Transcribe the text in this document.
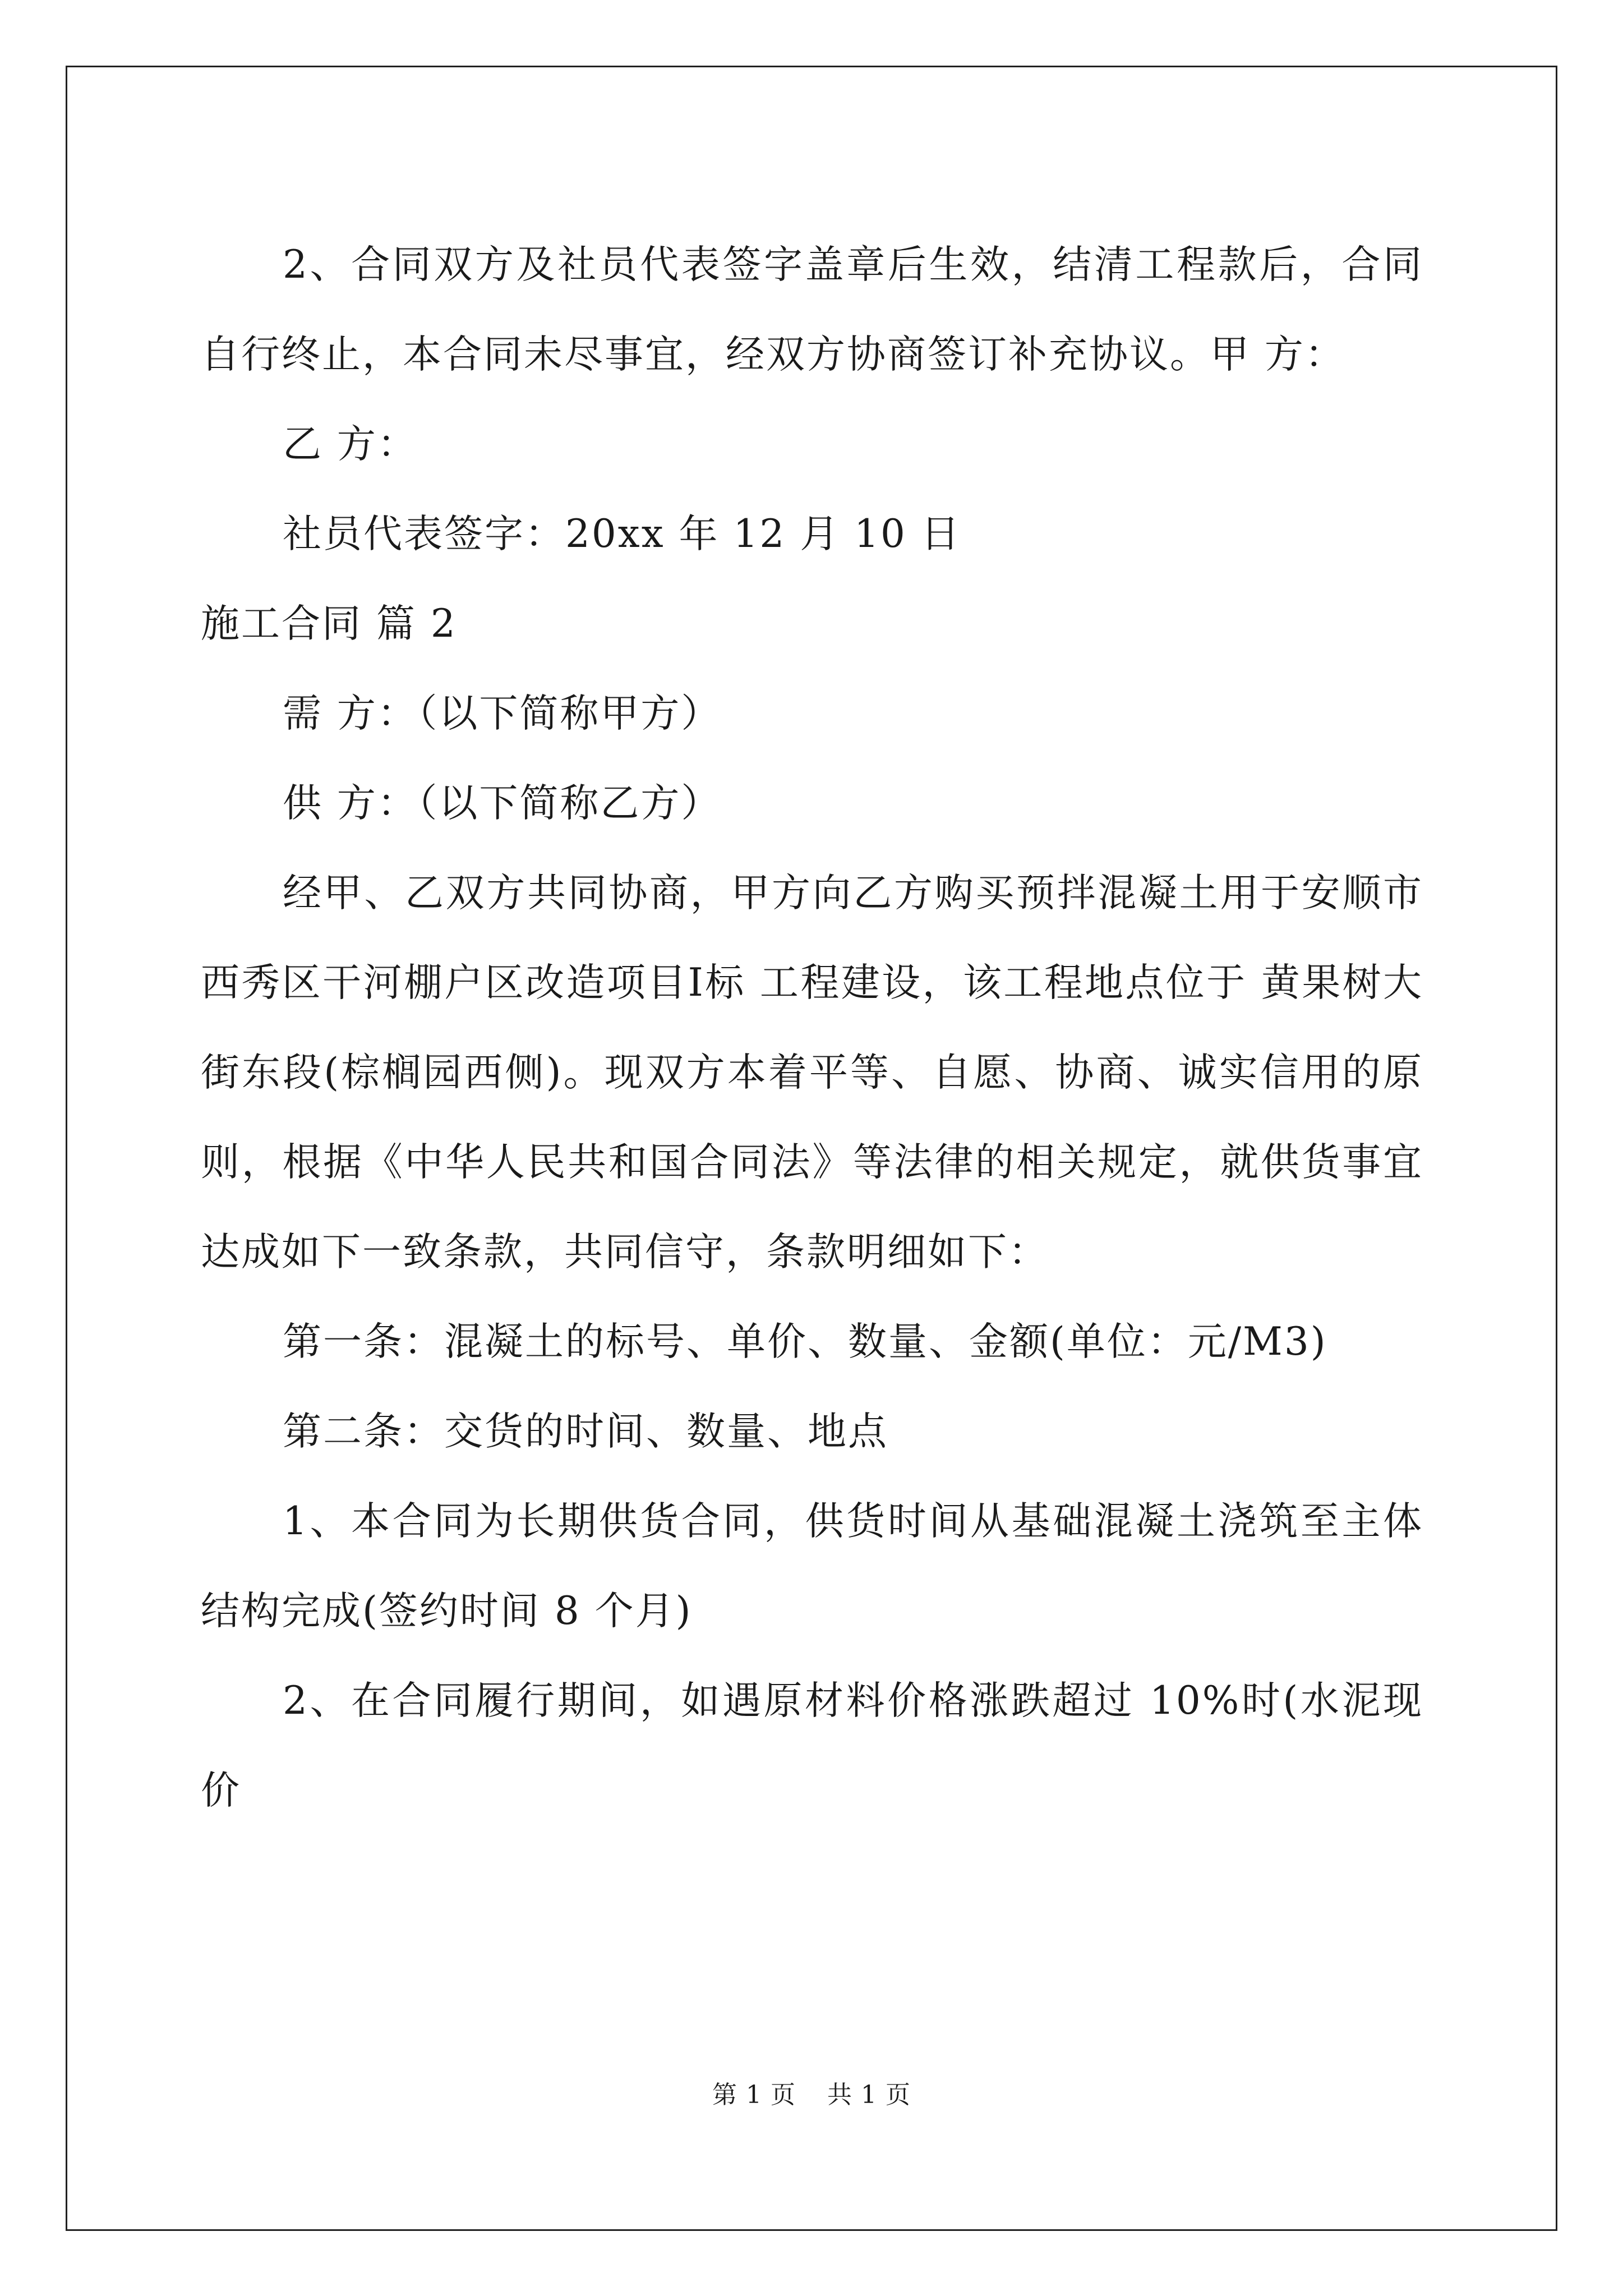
2、合同双方及社员代表签字盖章后生效，结清工程款后，合同自行终止，本合同未尽事宜，经双方协商签订补充协议。甲 方：

乙 方：

社员代表签字：20xx 年 12 月 10 日

施工合同 篇 2

需 方：（以下简称甲方）

供 方：（以下简称乙方）

经甲、乙双方共同协商，甲方向乙方购买预拌混凝土用于安顺市西秀区干河棚户区改造项目Ⅰ标 工程建设，该工程地点位于 黄果树大街东段(棕榈园西侧)。现双方本着平等、自愿、协商、诚实信用的原则，根据《中华人民共和国合同法》等法律的相关规定，就供货事宜达成如下一致条款，共同信守，条款明细如下：

第一条：混凝土的标号、单价、数量、金额(单位：元/M3)

第二条：交货的时间、数量、地点

1、本合同为长期供货合同，供货时间从基础混凝土浇筑至主体结构完成(签约时间 8 个月)

2、在合同履行期间，如遇原材料价格涨跌超过 10%时(水泥现价

第 1 页 共 1 页
